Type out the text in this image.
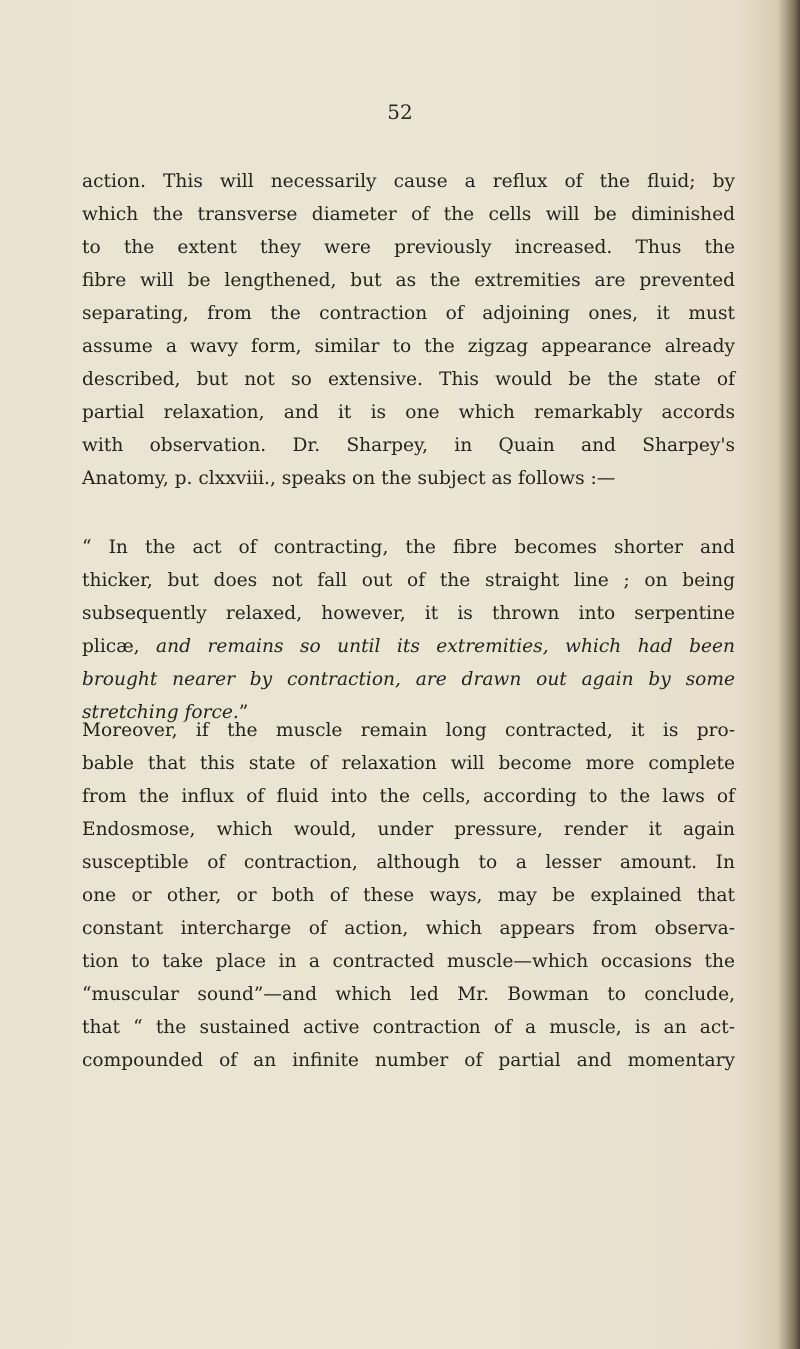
52

action. This will necessarily cause a reflux of the fluid; by
which the transverse diameter of the cells will be diminished
to the extent they were previously increased. Thus the
fibre will be lengthened, but as the extremities are prevented
separating, from the contraction of adjoining ones, it must
assume a wavy form, similar to the zigzag appearance already
described, but not so extensive. This would be the state of
partial relaxation, and it is one which remarkably accords
with observation. Dr. Sharpey, in Quain and Sharpey's
Anatomy, p. clxxviii., speaks on the subject as follows :—
“ In the act of contracting, the fibre becomes shorter and
thicker, but does not fall out of the straight line ; on being
subsequently relaxed, however, it is thrown into serpentine
plicæ, and remains so until its extremities, which had been
brought nearer by contraction, are drawn out again by some
stretching force.”
Moreover, if the muscle remain long contracted, it is pro-
bable that this state of relaxation will become more complete
from the influx of fluid into the cells, according to the laws of
Endosmose, which would, under pressure, render it again
susceptible of contraction, although to a lesser amount. In
one or other, or both of these ways, may be explained that
constant intercharge of action, which appears from observa-
tion to take place in a contracted muscle—which occasions the
“muscular sound”—and which led Mr. Bowman to conclude,
that “ the sustained active contraction of a muscle, is an act-
compounded of an infinite number of partial and momentary
